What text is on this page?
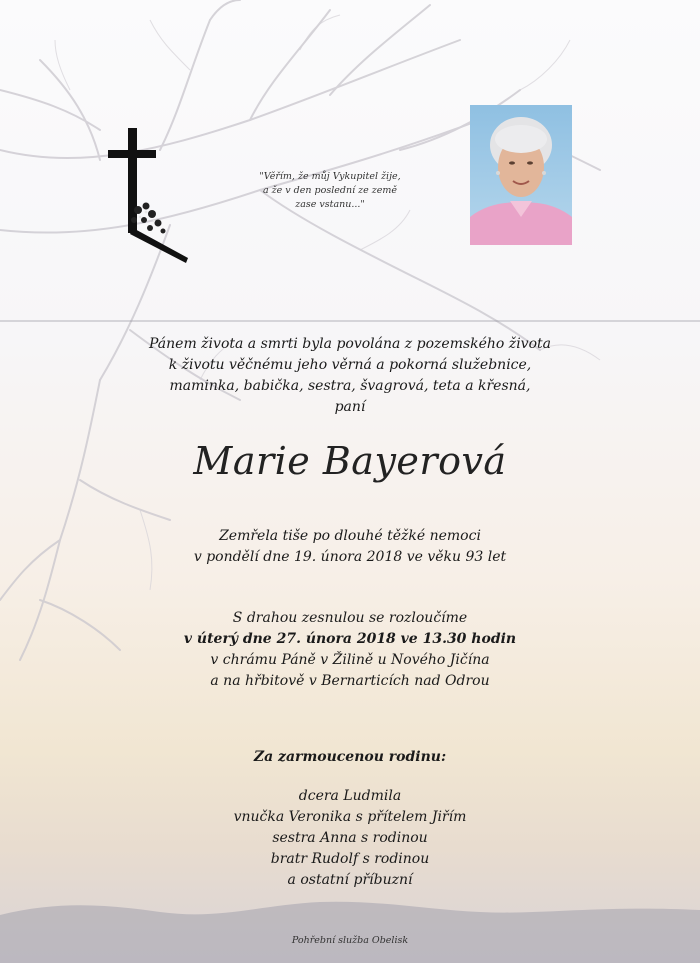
"Věřím, že můj Vykupitel žije,
a že v den poslední ze země
zase vstanu..."
Pánem života a smrti byla povolána z pozemského života
k životu věčnému jeho věrná a pokorná služebnice,
maminka, babička, sestra, švagrová, teta a křesná,
paní
Marie Bayerová
Zemřela tiše po dlouhé těžké nemoci
v pondělí dne 19. února 2018 ve věku 93 let
S drahou zesnulou se rozloučíme
v úterý dne 27. února 2018 ve 13.30 hodin
v chrámu Páně v Žilině u Nového Jičína
a na hřbitově v Bernarticích nad Odrou
Za zarmoucenou rodinu:
dcera Ludmila
vnučka Veronika s přítelem Jiřím
sestra Anna s rodinou
bratr Rudolf s rodinou
a ostatní příbuzní
Pohřební služba Obelisk
